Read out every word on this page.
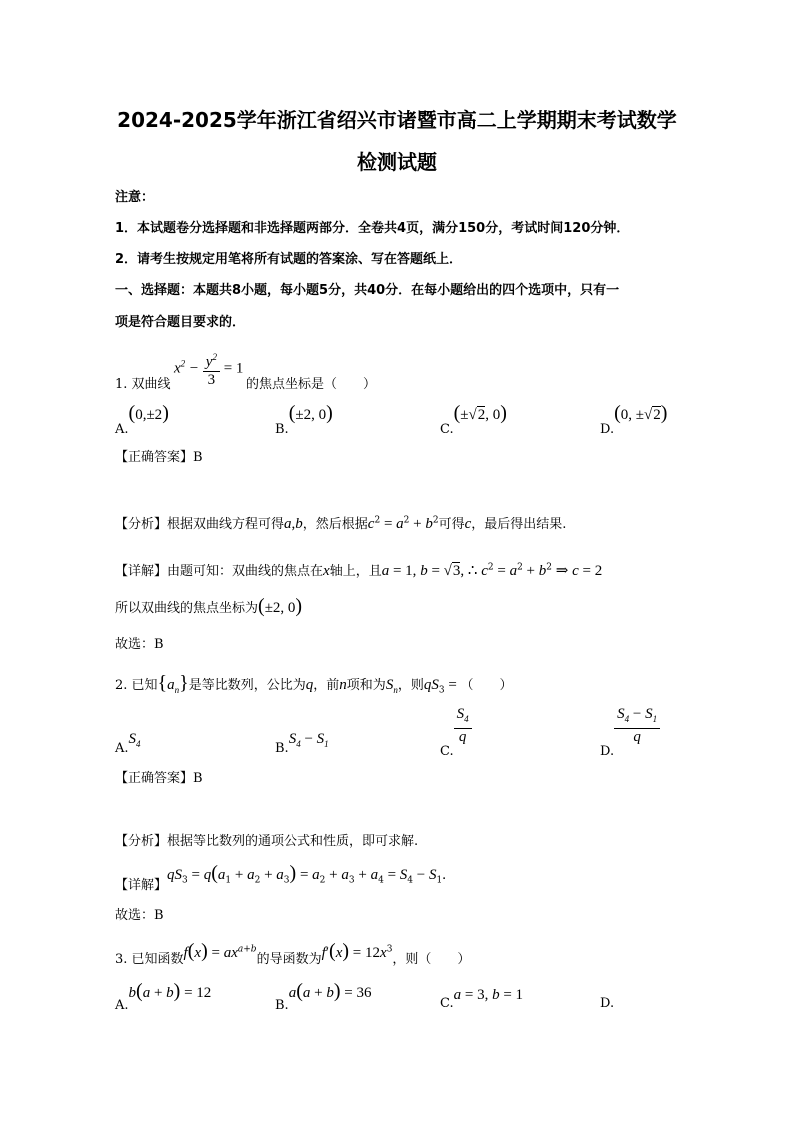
2024-2025学年浙江省绍兴市诸暨市高二上学期期末考试数学
检测试题
注意：
1．本试题卷分选择题和非选择题两部分．全卷共4页，满分150分，考试时间120分钟．
2．请考生按规定用笔将所有试题的答案涂、写在答题纸上．
一、选择题：本题共8小题，每小题5分，共40分．在每小题给出的四个选项中，只有一
项是符合题目要求的．
1. 双曲线
$x^2 - \frac{y^2}{3} = 1$
的焦点坐标是（　　）
$_{A.}$(0,±2)
$_{B.}$(±2, 0)
$_{C.}$(±√2, 0)
$_{D.}$(0, ±√2)
【正确答案】B
【分析】根据双曲线方程可得a,b，然后根据$c^2 = a^2 + b^2$可得c，最后得出结果.
【详解】由题可知：双曲线的焦点在x轴上，且a = 1, b = √3, ∴ $c^2 = a^2 + b^2$ ⇒ c = 2
所以双曲线的焦点坐标为(±2, 0)
故选：B
2. 已知$\{a_n\}$是等比数列，公比为q，前n项和为$S_n$，则$qS_3$ = （　　）
$_{A.}S_4$	$_{B.}S_4 - S_1$	$_{C.}$
$\frac{S_4}{q}$
$_{D.}$
$\frac{S_4 - S_1}{q}$
【正确答案】B
【分析】根据等比数列的通项公式和性质，即可求解.
【详解】$qS_3 = q(a_1 + a_2 + a_3) = a_2 + a_3 + a_4 = S_4 - S_1$.
故选：B
3. 已知函数$f(x) = ax^{a+b}$的导函数为$f'(x) = 12x^3$，则（　　）
$_{A.}$b(a + b) = 12
$_{B.}$a(a + b) = 36
$_{C.}$a = 3, b = 1
D.
